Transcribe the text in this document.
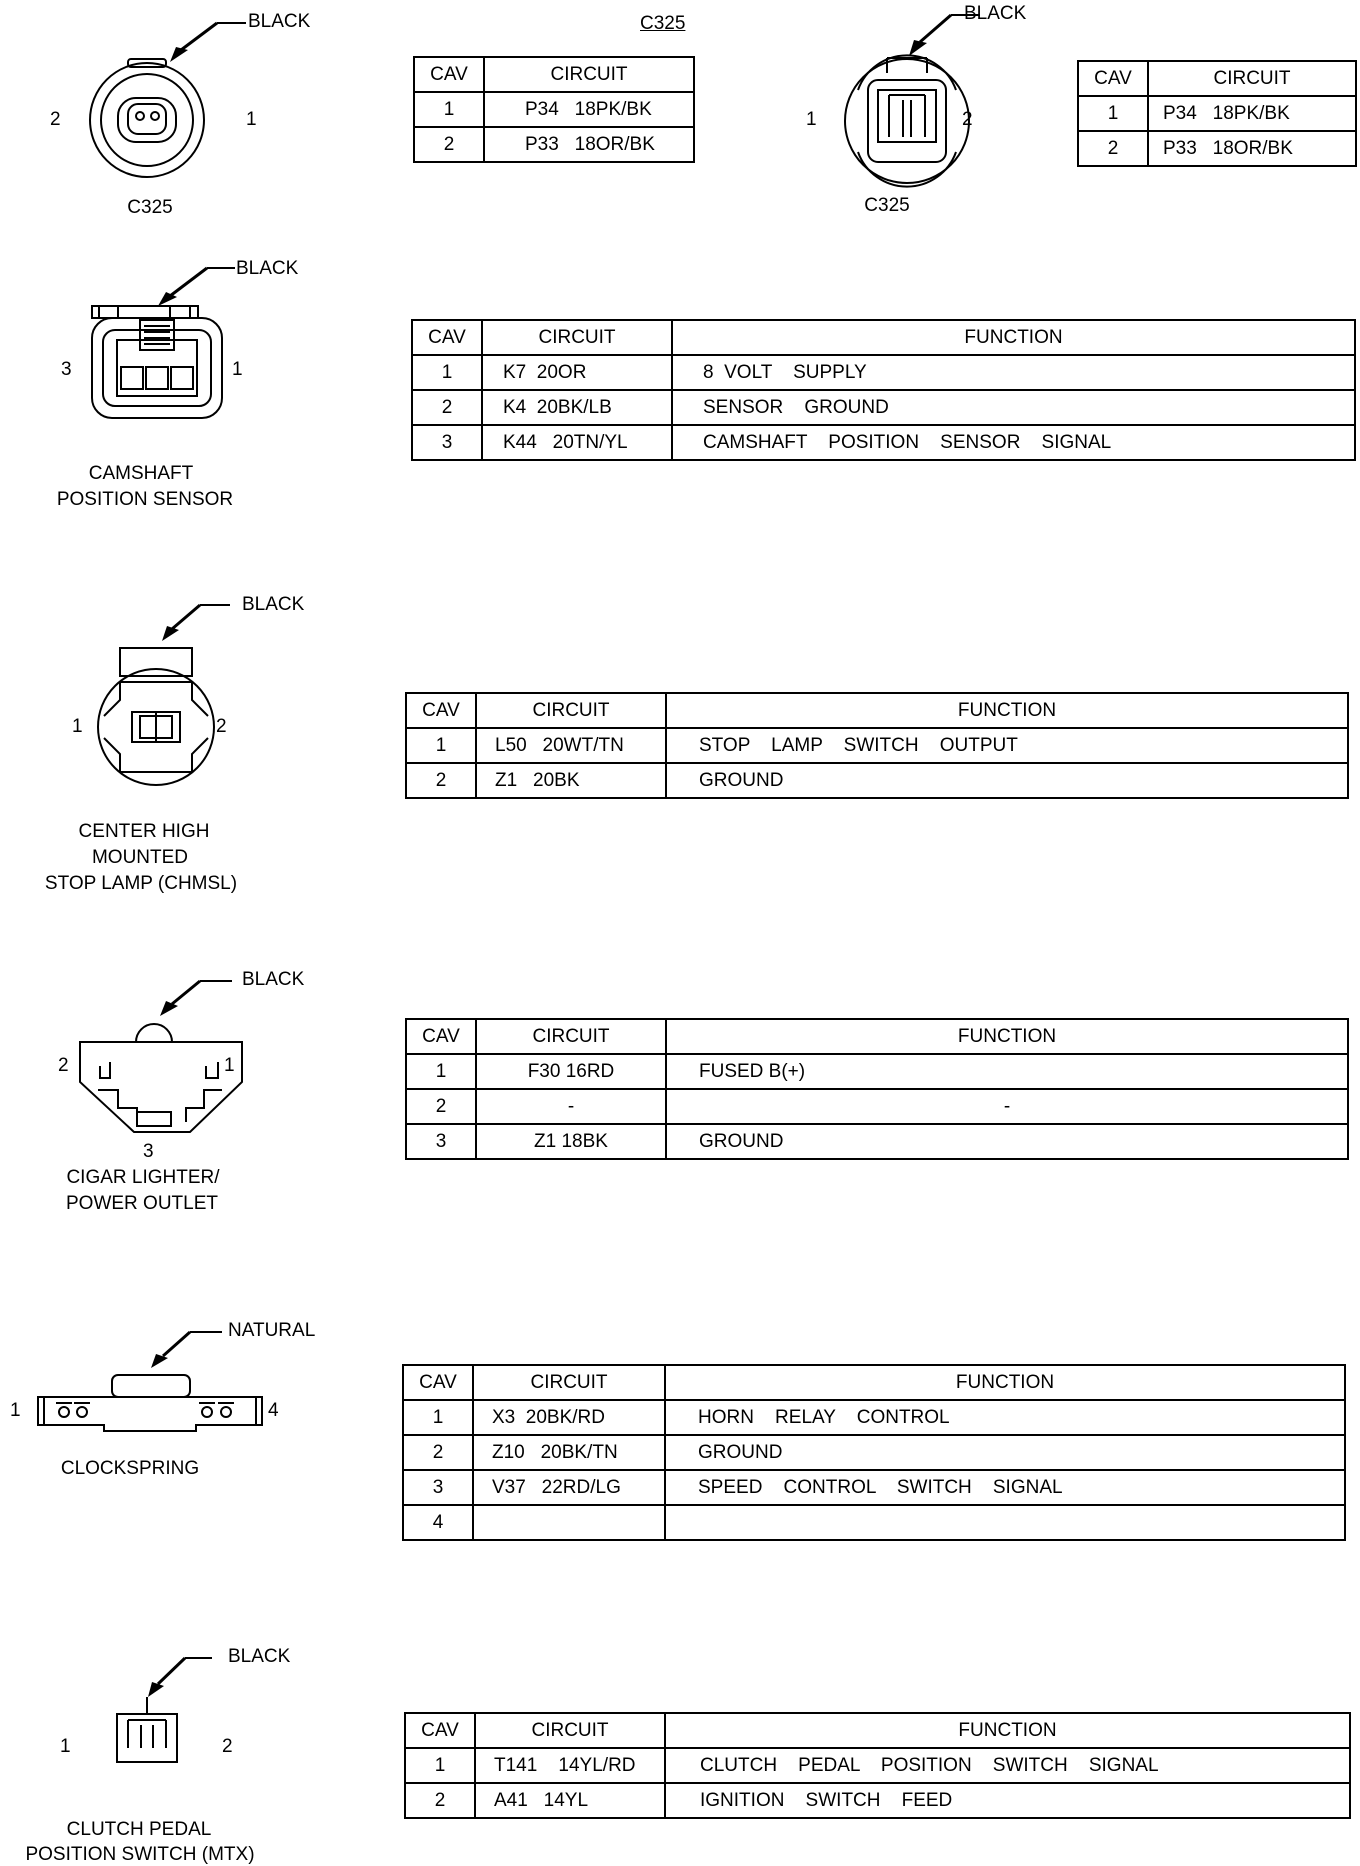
BLACK
2	1
C325
C325	BLACK
1	2
C325
BLACK
3	1
CAMSHAFT
POSITION SENSOR
BLACK
1	2
CENTER HIGH
MOUNTED
STOP LAMP (CHMSL)
BLACK
2	1
3
CIGAR LIGHTER/
POWER OUTLET
NATURAL
1	4
CLOCKSPRING
BLACK
1	2
CLUTCH PEDAL
POSITION SWITCH (MTX)
CAV	CIRCUIT
1	P34   18PK/BK
2	P33   18OR/BK
CAV	CIRCUIT
1	P34   18PK/BK
2	P33   18OR/BK
CAV	CIRCUIT	FUNCTION
1	K7  20OR	8  VOLT    SUPPLY
2	K4  20BK/LB	SENSOR    GROUND
3	K44   20TN/YL	CAMSHAFT    POSITION    SENSOR    SIGNAL
CAV	CIRCUIT	FUNCTION
1	L50   20WT/TN	STOP    LAMP    SWITCH    OUTPUT
2	Z1   20BK	GROUND
CAV	CIRCUIT	FUNCTION
1	F30 16RD	FUSED B(+)
2	-	-
3	Z1 18BK	GROUND
CAV	CIRCUIT	FUNCTION
1	X3  20BK/RD	HORN    RELAY    CONTROL
2	Z10   20BK/TN	GROUND
3	V37   22RD/LG	SPEED    CONTROL    SWITCH    SIGNAL
4		
CAV	CIRCUIT	FUNCTION
1	T141    14YL/RD	CLUTCH    PEDAL    POSITION    SWITCH    SIGNAL
2	A41   14YL	IGNITION    SWITCH    FEED
